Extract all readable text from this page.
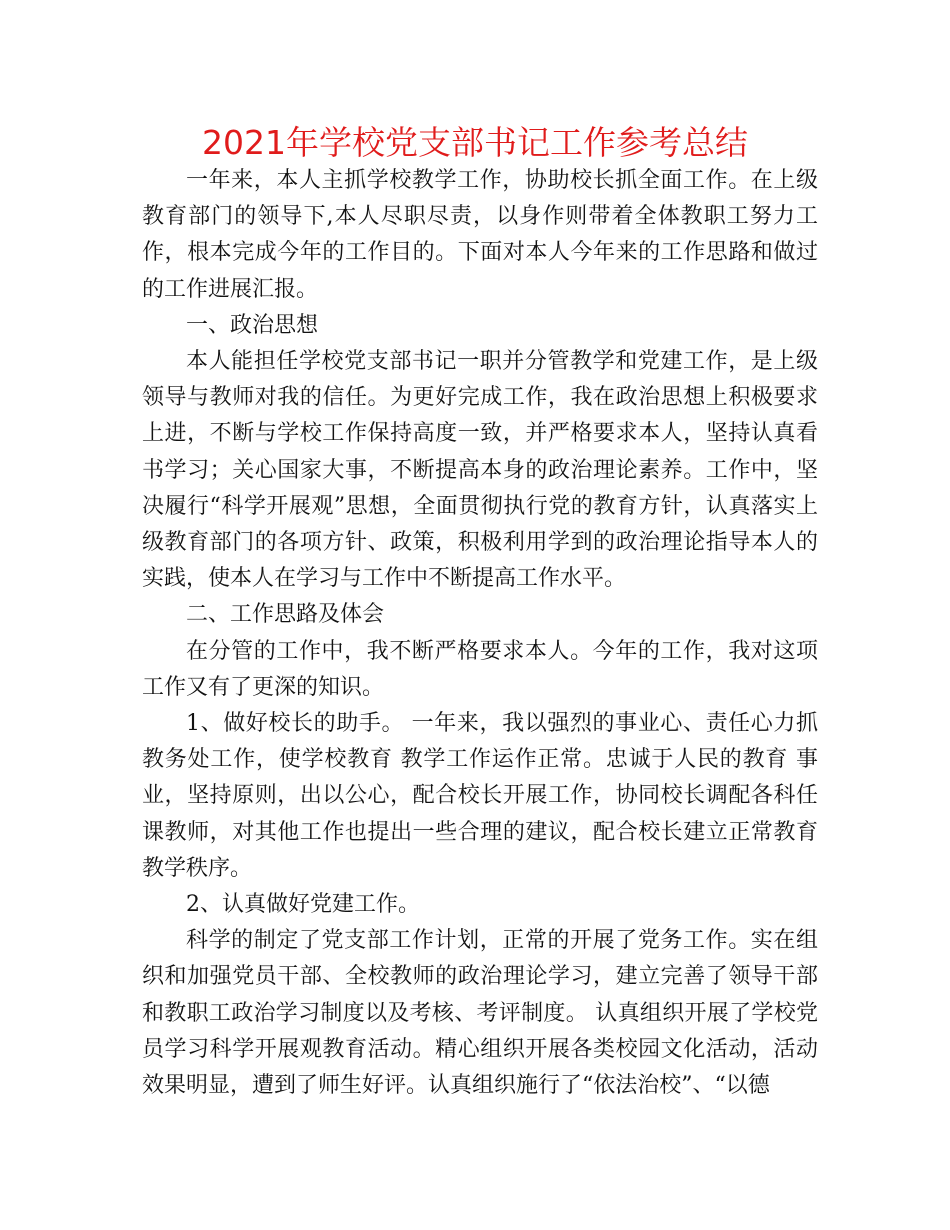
2021年学校党支部书记工作参考总结

一年来，本人主抓学校教学工作，协助校长抓全面工作。在上级教育部门的领导下,本人尽职尽责，以身作则带着全体教职工努力工作，根本完成今年的工作目的。下面对本人今年来的工作思路和做过的工作进展汇报。

一、政治思想

本人能担任学校党支部书记一职并分管教学和党建工作，是上级领导与教师对我的信任。为更好完成工作，我在政治思想上积极要求上进，不断与学校工作保持高度一致，并严格要求本人，坚持认真看书学习；关心国家大事，不断提高本身的政治理论素养。工作中，坚决履行“科学开展观”思想，全面贯彻执行党的教育方针，认真落实上级教育部门的各项方针、政策，积极利用学到的政治理论指导本人的实践，使本人在学习与工作中不断提高工作水平。

二、工作思路及体会

在分管的工作中，我不断严格要求本人。今年的工作，我对这项工作又有了更深的知识。

1、做好校长的助手。 一年来，我以强烈的事业心、责任心力抓教务处工作，使学校教育 教学工作运作正常。忠诚于人民的教育 事业，坚持原则，出以公心，配合校长开展工作，协同校长调配各科任课教师，对其他工作也提出一些合理的建议，配合校长建立正常教育教学秩序。

2、认真做好党建工作。

科学的制定了党支部工作计划，正常的开展了党务工作。实在组织和加强党员干部、全校教师的政治理论学习，建立完善了领导干部和教职工政治学习制度以及考核、考评制度。 认真组织开展了学校党员学习科学开展观教育活动。精心组织开展各类校园文化活动，活动效果明显，遭到了师生好评。认真组织施行了“依法治校”、“以德
